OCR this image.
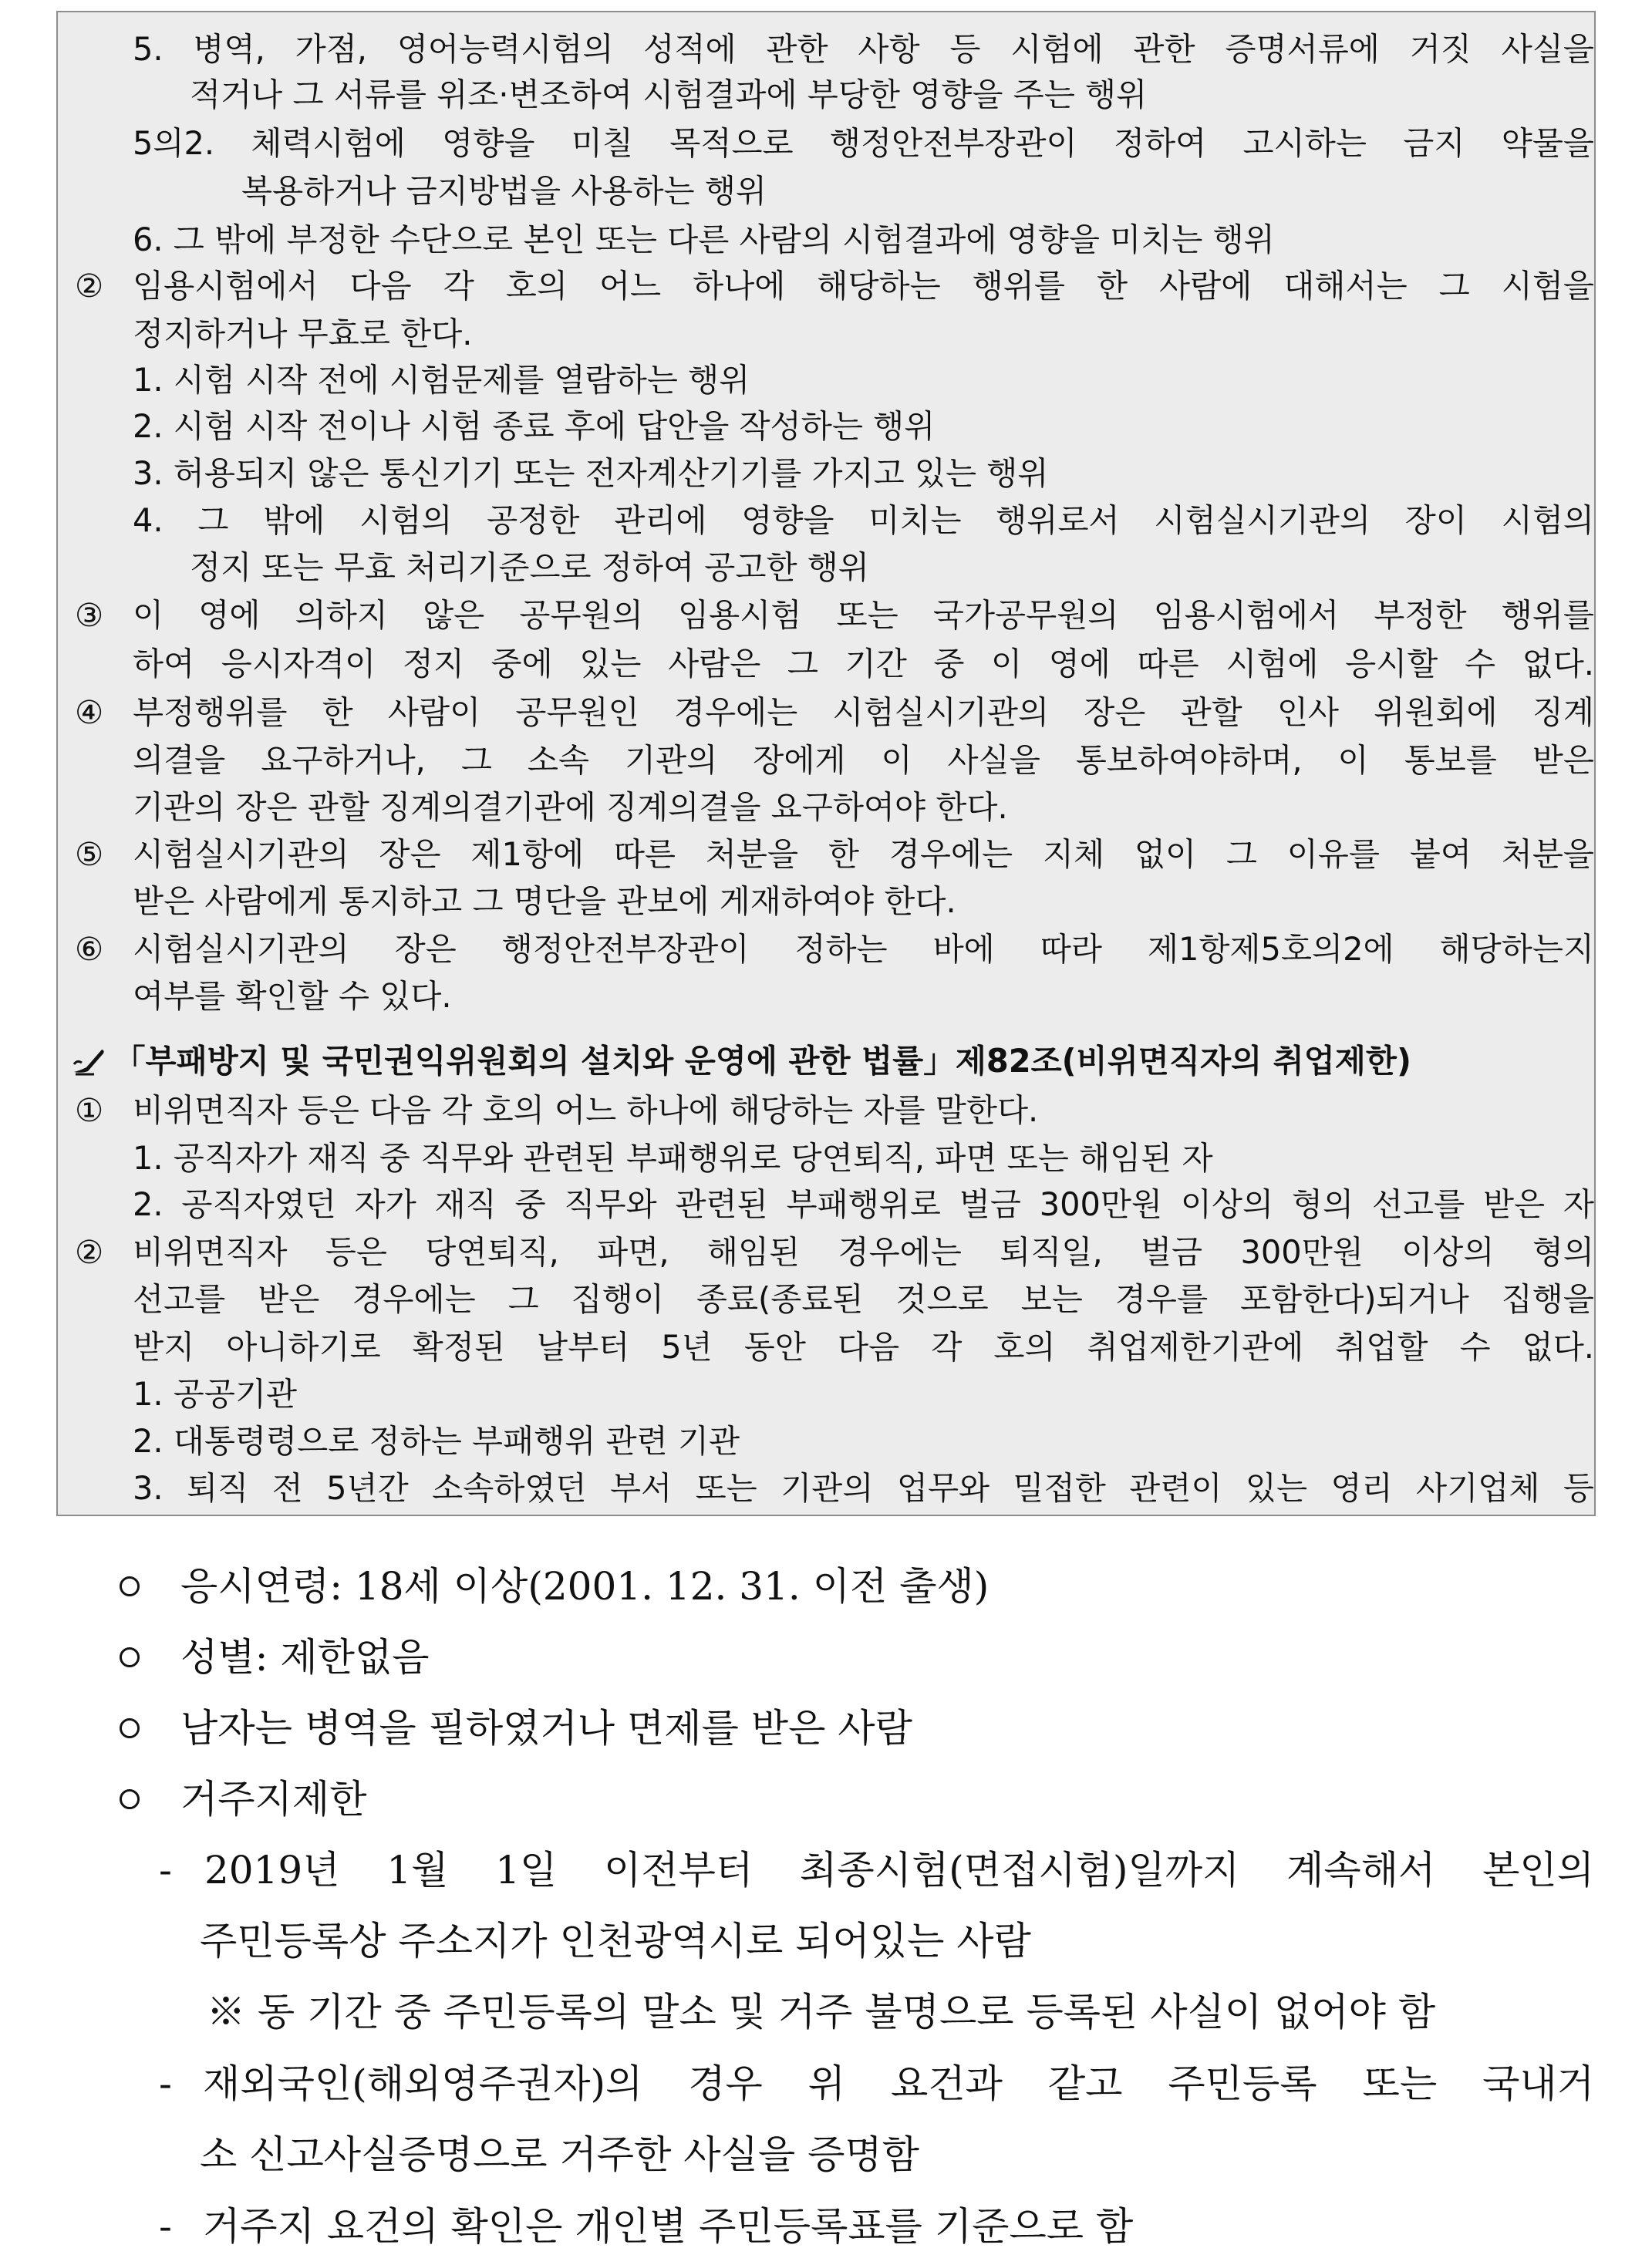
5. 병역, 가점, 영어능력시험의 성적에 관한 사항 등 시험에 관한 증명서류에 거짓 사실을

적거나 그 서류를 위조·변조하여 시험결과에 부당한 영향을 주는 행위

5의2. 체력시험에 영향을 미칠 목적으로 행정안전부장관이 정하여 고시하는 금지 약물을

복용하거나 금지방법을 사용하는 행위

6. 그 밖에 부정한 수단으로 본인 또는 다른 사람의 시험결과에 영향을 미치는 행위

② 임용시험에서 다음 각 호의 어느 하나에 해당하는 행위를 한 사람에 대해서는 그 시험을

정지하거나 무효로 한다.

1. 시험 시작 전에 시험문제를 열람하는 행위

2. 시험 시작 전이나 시험 종료 후에 답안을 작성하는 행위

3. 허용되지 않은 통신기기 또는 전자계산기기를 가지고 있는 행위

4. 그 밖에 시험의 공정한 관리에 영향을 미치는 행위로서 시험실시기관의 장이 시험의

정지 또는 무효 처리기준으로 정하여 공고한 행위

③ 이 영에 의하지 않은 공무원의 임용시험 또는 국가공무원의 임용시험에서 부정한 행위를

하여 응시자격이 정지 중에 있는 사람은 그 기간 중 이 영에 따른 시험에 응시할 수 없다.

④ 부정행위를 한 사람이 공무원인 경우에는 시험실시기관의 장은 관할 인사 위원회에 징계

의결을 요구하거나, 그 소속 기관의 장에게 이 사실을 통보하여야하며, 이 통보를 받은

기관의 장은 관할 징계의결기관에 징계의결을 요구하여야 한다.

⑤ 시험실시기관의 장은 제1항에 따른 처분을 한 경우에는 지체 없이 그 이유를 붙여 처분을

받은 사람에게 통지하고 그 명단을 관보에 게재하여야 한다.

⑥ 시험실시기관의 장은 행정안전부장관이 정하는 바에 따라 제1항제5호의2에 해당하는지

여부를 확인할 수 있다.

「부패방지 및 국민권익위원회의 설치와 운영에 관한 법률」제82조(비위면직자의 취업제한)

① 비위면직자 등은 다음 각 호의 어느 하나에 해당하는 자를 말한다.

1. 공직자가 재직 중 직무와 관련된 부패행위로 당연퇴직, 파면 또는 해임된 자

2. 공직자였던 자가 재직 중 직무와 관련된 부패행위로 벌금 300만원 이상의 형의 선고를 받은 자

② 비위면직자 등은 당연퇴직, 파면, 해임된 경우에는 퇴직일, 벌금 300만원 이상의 형의

선고를 받은 경우에는 그 집행이 종료(종료된 것으로 보는 경우를 포함한다)되거나 집행을

받지 아니하기로 확정된 날부터 5년 동안 다음 각 호의 취업제한기관에 취업할 수 없다.

1. 공공기관

2. 대통령령으로 정하는 부패행위 관련 기관

3. 퇴직 전 5년간 소속하였던 부서 또는 기관의 업무와 밀접한 관련이 있는 영리 사기업체 등

응시연령: 18세 이상(2001. 12. 31. 이전 출생)

성별: 제한없음

남자는 병역을 필하였거나 면제를 받은 사람

거주지제한

- 2019년 1월 1일 이전부터 최종시험(면접시험)일까지 계속해서 본인의

주민등록상 주소지가 인천광역시로 되어있는 사람

※ 동 기간 중 주민등록의 말소 및 거주 불명으로 등록된 사실이 없어야 함

- 재외국인(해외영주권자)의 경우 위 요건과 같고 주민등록 또는 국내거

소 신고사실증명으로 거주한 사실을 증명함

- 거주지 요건의 확인은 개인별 주민등록표를 기준으로 함
